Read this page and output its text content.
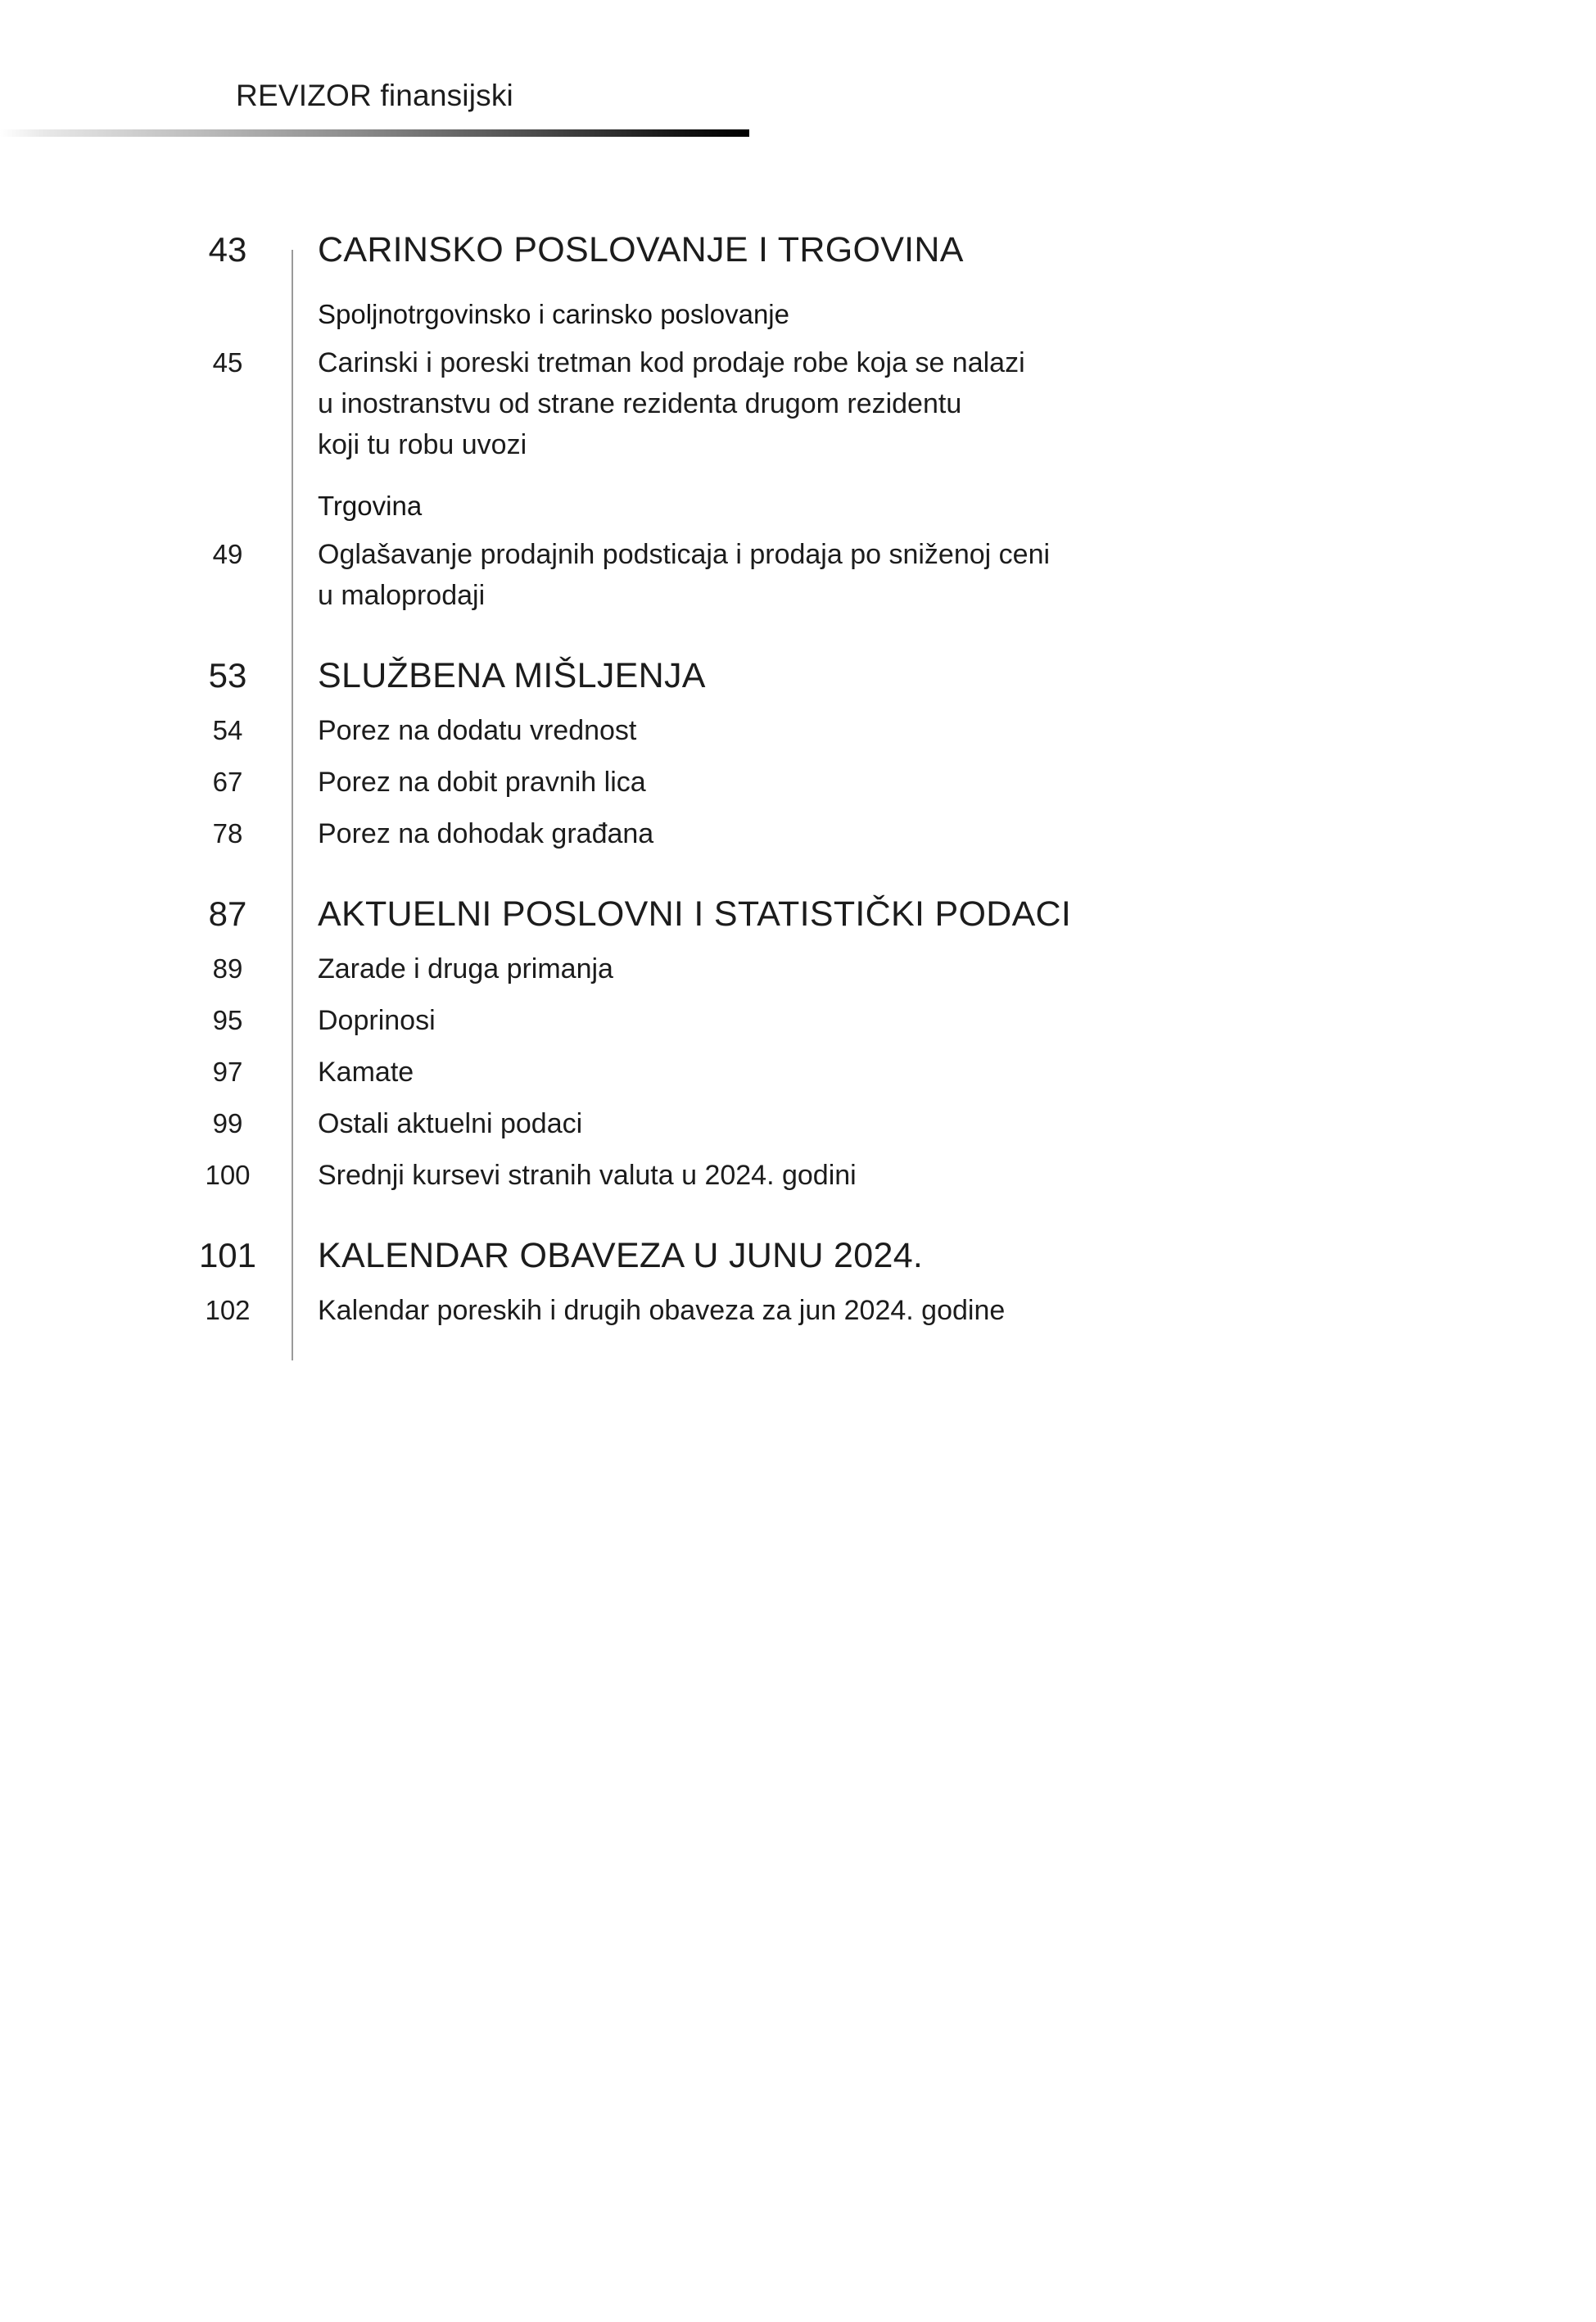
REVIZOR finansijski
43	CARINSKO POSLOVANJE I TRGOVINA
Spoljnotrgovinsko i carinsko poslovanje
45	Carinski i poreski tretman kod prodaje robe koja se nalazi
u inostranstvu od strane rezidenta drugom rezidentu
koji tu robu uvozi
Trgovina
49	Oglašavanje prodajnih podsticaja i prodaja po sniženoj ceni
u maloprodaji
53	SLUŽBENA MIŠLJENJA
54	Porez na dodatu vrednost
67	Porez na dobit pravnih lica
78	Porez na dohodak građana
87	AKTUELNI POSLOVNI I STATISTIČKI PODACI
89	Zarade i druga primanja
95	Doprinosi
97	Kamate
99	Ostali aktuelni podaci
100	Srednji kursevi stranih valuta u 2024. godini
101	KALENDAR OBAVEZA U JUNU 2024.
102	Kalendar poreskih i drugih obaveza za jun 2024. godine
